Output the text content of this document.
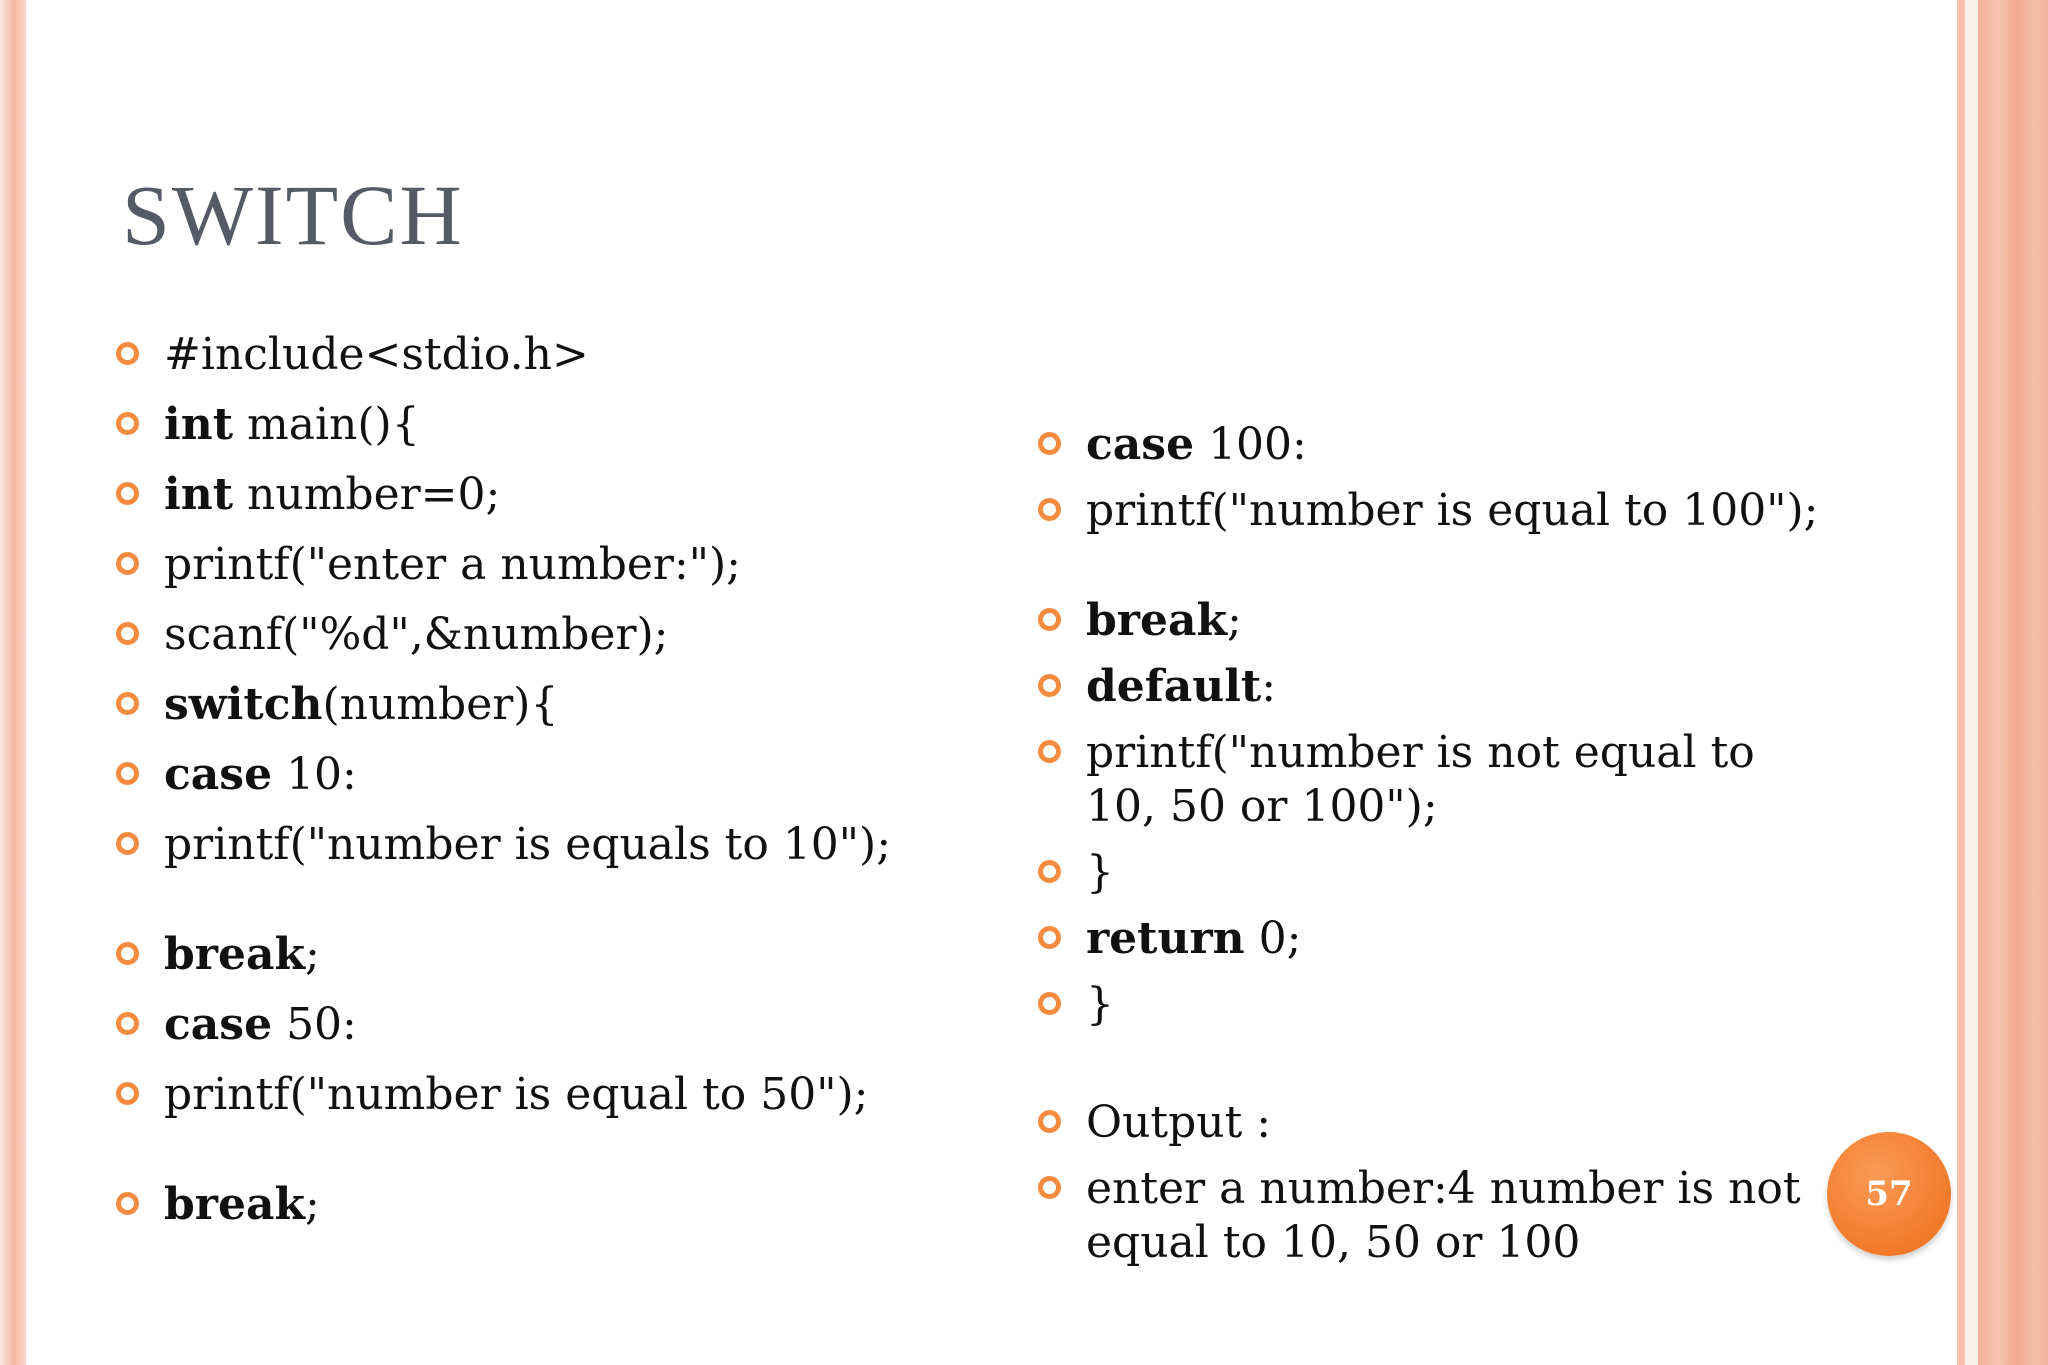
SWITCH
#include<stdio.h>
int main(){
int number=0;
printf("enter a number:");
scanf("%d",&number);
switch(number){
case 10:
printf("number is equals to 10");
break;
case 50:
printf("number is equal to 50");
break;
case 100:
printf("number is equal to 100");
break;
default:
printf("number is not equal to 10, 50 or 100");
}
return 0;
}
Output :
enter a number:4 number is not equal to 10, 50 or 100
57
